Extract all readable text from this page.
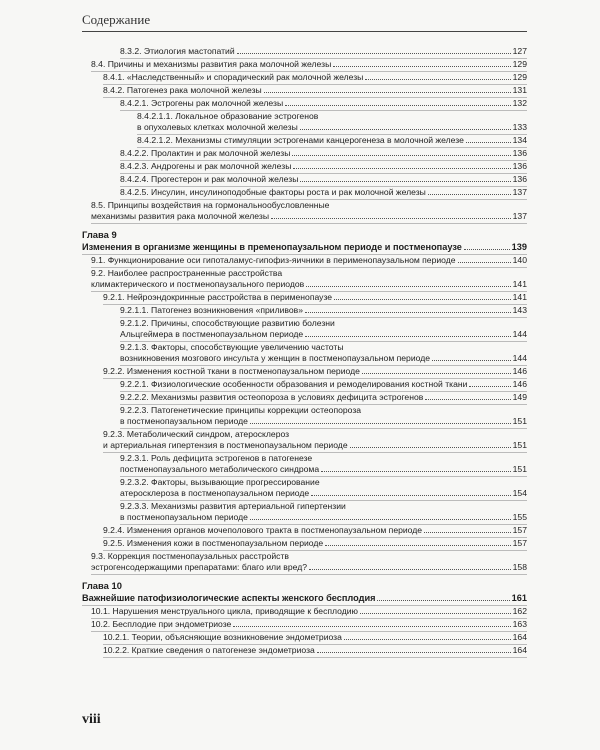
Содержание
8.3.2. Этиология мастопатий	127
8.4. Причины и механизмы развития рака молочной железы	129
8.4.1. «Наследственный» и спорадический рак молочной железы	129
8.4.2. Патогенез рака молочной железы	131
8.4.2.1. Эстрогены рак молочной железы	132
8.4.2.1.1. Локальное образование эстрогенов
в опухолевых клетках молочной железы	133
8.4.2.1.2. Механизмы стимуляции эстрогенами канцерогенеза в молочной железе	134
8.4.2.2. Пролактин и рак молочной железы	136
8.4.2.3. Андрогены и рак молочной железы	136
8.4.2.4. Прогестерон и рак молочной железы	136
8.4.2.5. Инсулин, инсулиноподобные факторы роста и рак молочной железы	137
8.5. Принципы воздействия на гормональнообусловленные
механизмы развития рака молочной железы	137
Глава 9
Изменения в организме женщины в пременопаузальном периоде и постменопаузе	139
9.1. Функционирование оси гипоталамус-гипофиз-яичники в перименопаузальном периоде	140
9.2. Наиболее распространенные расстройства
климактерического и постменопаузального периодов	141
9.2.1. Нейроэндокринные расстройства в перименопаузе	141
9.2.1.1. Патогенез возникновения «приливов»	143
9.2.1.2. Причины, способствующие развитию болезни
Альцгеймера в постменопаузальном периоде	144
9.2.1.3. Факторы, способствующие увеличению частоты
возникновения мозгового инсульта у женщин в постменопаузальном периоде	144
9.2.2. Изменения костной ткани в постменопаузальном периоде	146
9.2.2.1. Физиологические особенности образования и ремоделирования костной ткани	146
9.2.2.2. Механизмы развития остеопороза в условиях дефицита эстрогенов	149
9.2.2.3. Патогенетические принципы коррекции остеопороза
в постменопаузальном периоде	151
9.2.3. Метаболический синдром, атеросклероз
и артериальная гипертензия в постменопаузальном периоде	151
9.2.3.1. Роль дефицита эстрогенов в патогенезе
постменопаузального метаболического синдрома	151
9.2.3.2. Факторы, вызывающие прогрессирование
атеросклероза в постменопаузальном периоде	154
9.2.3.3. Механизмы развития артериальной гипертензии
в постменопаузальном периоде	155
9.2.4. Изменения органов мочеполового тракта в постменопаузальном периоде	157
9.2.5. Изменения кожи в постменопаузальном периоде	157
9.3. Коррекция постменопаузальных расстройств
эстрогенсодержащими препаратами: благо или вред?	158
Глава 10
Важнейшие патофизиологические аспекты женского бесплодия	161
10.1. Нарушения менструального цикла, приводящие к бесплодию	162
10.2. Бесплодие при эндометриозе	163
10.2.1. Теории, объясняющие возникновение эндометриоза	164
10.2.2. Краткие сведения о патогенезе эндометриоза	164
viii
